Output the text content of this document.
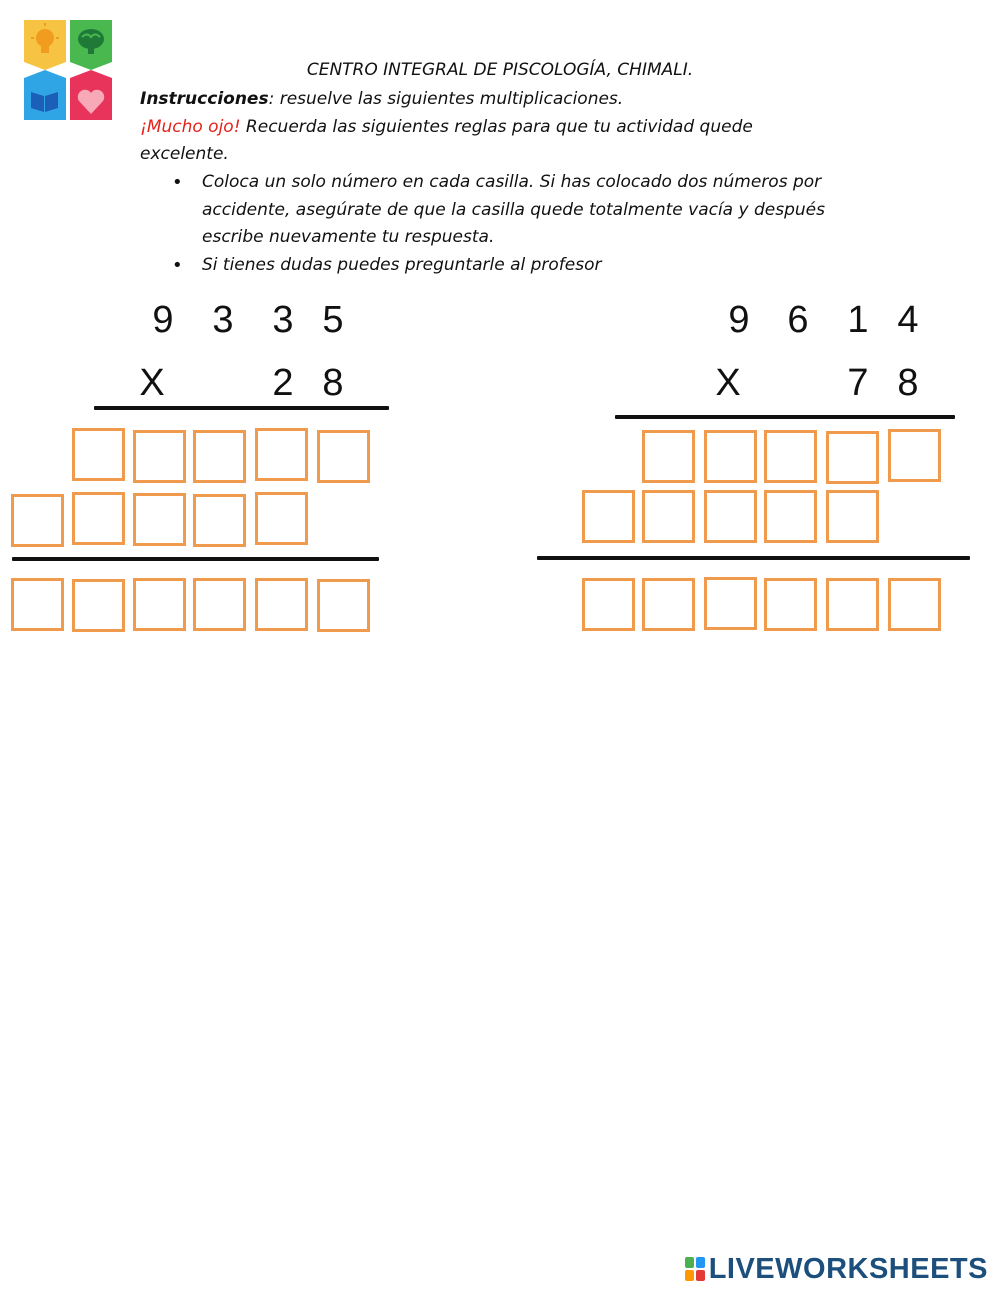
CENTRO INTEGRAL DE PISCOLOGÍA, CHIMALI.
Instrucciones: resuelve las siguientes multiplicaciones.
¡Mucho ojo! Recuerda las siguientes reglas para que tu actividad quede
excelente.
• Coloca un solo número en cada casilla. Si has colocado dos números por accidente, asegúrate de que la casilla quede totalmente vacía y después escribe nuevamente tu respuesta.
• Si tienes dudas puedes preguntarle al profesor
9 3 3 5
X	2 8
9 6 1 4
X	7 8
LIVEWORKSHEETS
